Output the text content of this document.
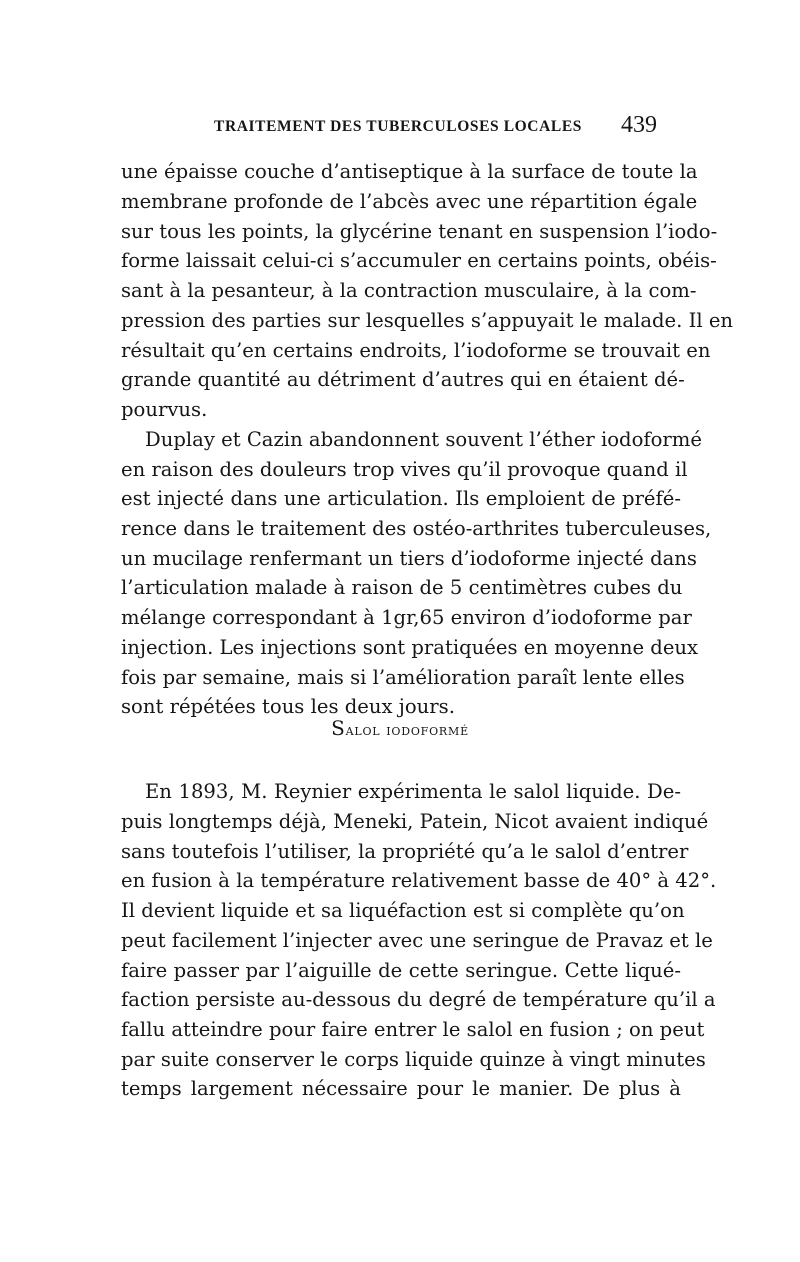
TRAITEMENT DES TUBERCULOSES LOCALES 439
une épaisse couche d’antiseptique à la surface de toute la
membrane profonde de l’abcès avec une répartition égale
sur tous les points, la glycérine tenant en suspension l’iodo-
forme laissait celui-ci s’accumuler en certains points, obéis-
sant à la pesanteur, à la contraction musculaire, à la com-
pression des parties sur lesquelles s’appuyait le malade. Il en
résultait qu’en certains endroits, l’iodoforme se trouvait en
grande quantité au détriment d’autres qui en étaient dé-
pourvus.
Duplay et Cazin abandonnent souvent l’éther iodoformé
en raison des douleurs trop vives qu’il provoque quand il
est injecté dans une articulation. Ils emploient de préfé-
rence dans le traitement des ostéo-arthrites tuberculeuses,
un mucilage renfermant un tiers d’iodoforme injecté dans
l’articulation malade à raison de 5 centimètres cubes du
mélange correspondant à 1gr,65 environ d’iodoforme par
injection. Les injections sont pratiquées en moyenne deux
fois par semaine, mais si l’amélioration paraît lente elles
sont répétées tous les deux jours.
Salol iodoformé
En 1893, M. Reynier expérimenta le salol liquide. De-
puis longtemps déjà, Meneki, Patein, Nicot avaient indiqué
sans toutefois l’utiliser, la propriété qu’a le salol d’entrer
en fusion à la température relativement basse de 40° à 42°.
Il devient liquide et sa liquéfaction est si complète qu’on
peut facilement l’injecter avec une seringue de Pravaz et le
faire passer par l’aiguille de cette seringue. Cette liqué-
faction persiste au-dessous du degré de température qu’il a
fallu atteindre pour faire entrer le salol en fusion ; on peut
par suite conserver le corps liquide quinze à vingt minutes
temps largement nécessaire pour le manier. De plus à
